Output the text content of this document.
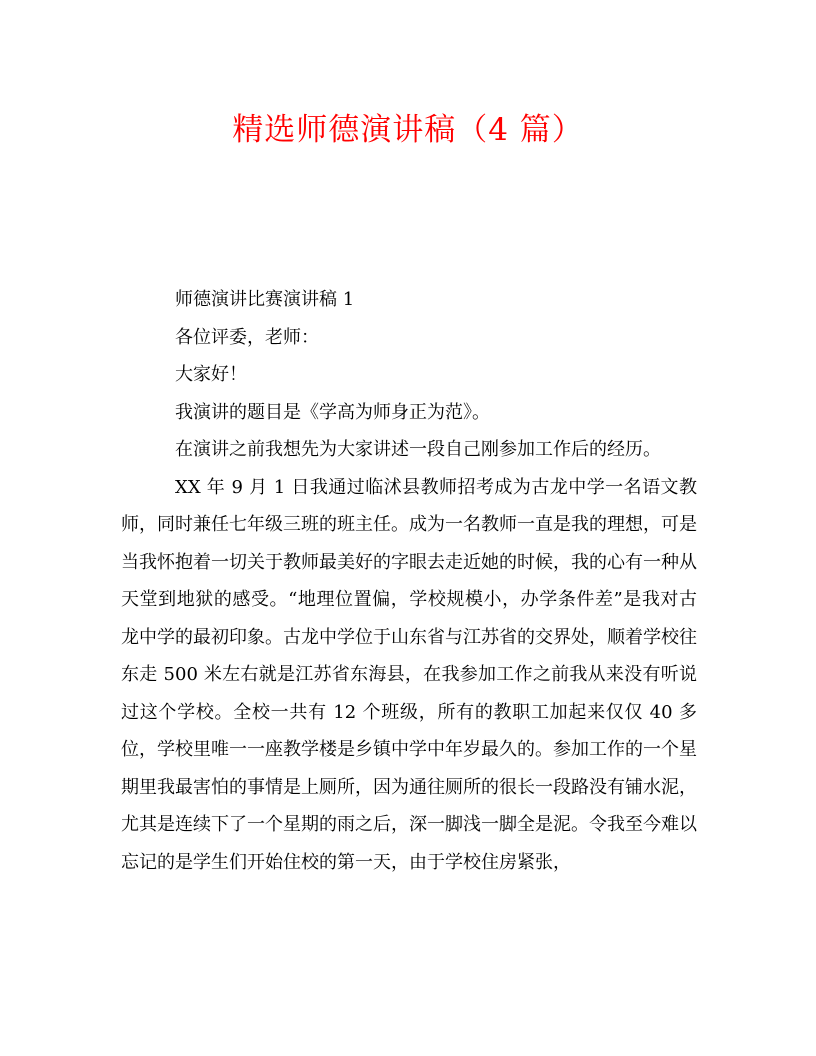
精选师德演讲稿（4 篇）

师德演讲比赛演讲稿 1

各位评委，老师：

大家好！

我演讲的题目是《学高为师身正为范》。

在演讲之前我想先为大家讲述一段自己刚参加工作后的经历。

XX 年 9 月 1 日我通过临沭县教师招考成为古龙中学一名语文教师，同时兼任七年级三班的班主任。成为一名教师一直是我的理想，可是当我怀抱着一切关于教师最美好的字眼去走近她的时候，我的心有一种从天堂到地狱的感受。“地理位置偏，学校规模小，办学条件差”是我对古龙中学的最初印象。古龙中学位于山东省与江苏省的交界处，顺着学校往东走 500 米左右就是江苏省东海县，在我参加工作之前我从来没有听说过这个学校。全校一共有 12 个班级，所有的教职工加起来仅仅 40 多位，学校里唯一一座教学楼是乡镇中学中年岁最久的。参加工作的一个星期里我最害怕的事情是上厕所，因为通往厕所的很长一段路没有铺水泥，尤其是连续下了一个星期的雨之后，深一脚浅一脚全是泥。令我至今难以忘记的是学生们开始住校的第一天，由于学校住房紧张，
